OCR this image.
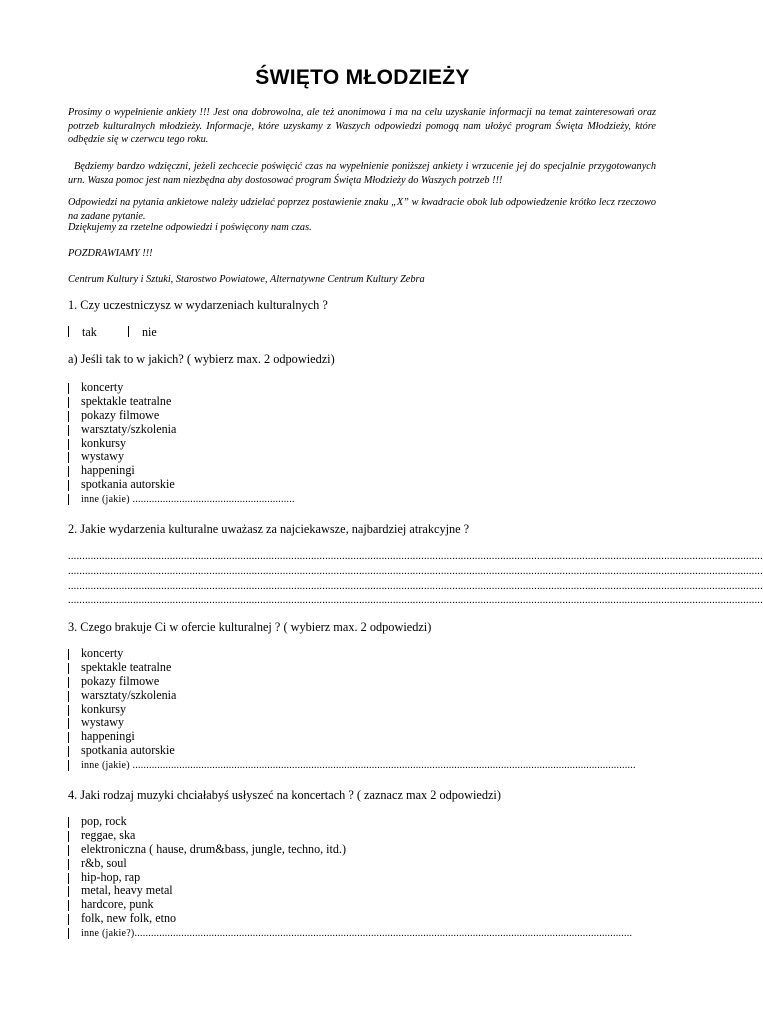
ŚWIĘTO MŁODZIEŻY

Prosimy o wypełnienie ankiety !!! Jest ona dobrowolna, ale też anonimowa i ma na celu uzyskanie informacji na temat zainteresowań oraz potrzeb kulturalnych młodzieży. Informacje, które uzyskamy z Waszych odpowiedzi pomogą nam ułożyć program Święta Młodzieży, które odbędzie się w czerwcu tego roku.

Będziemy bardzo wdzięczni, jeżeli zechcecie poświęcić czas na wypełnienie poniższej ankiety i wrzucenie jej do specjalnie przygotowanych urn. Wasza pomoc jest nam niezbędna aby dostosować program Święta Młodzieży do Waszych potrzeb !!!

Odpowiedzi na pytania ankietowe należy udzielać poprzez postawienie znaku „X” w kwadracie obok lub odpowiedzenie krótko lecz rzeczowo na zadane pytanie.

Dziękujemy za rzetelne odpowiedzi i poświęcony nam czas.

POZDRAWIAMY !!!

Centrum Kultury i Sztuki, Starostwo Powiatowe, Alternatywne Centrum Kultury Zebra

1. Czy uczestniczysz w wydarzeniach kulturalnych ?
tak	nie
a) Jeśli tak to w jakich? ( wybierz max. 2 odpowiedzi)
koncerty
spektakle teatralne
pokazy filmowe
warsztaty/szkolenia
konkursy
wystawy
happeningi
spotkania autorskie
inne (jakie) ...........................................................
2. Jakie wydarzenia kulturalne uważasz za najciekawsze, najbardziej atrakcyjne ?
......................................................................................................................................................................................................................................................
......................................................................................................................................................................................................................................................
......................................................................................................................................................................................................................................................
......................................................................................................................................................................................................................................................
3. Czego brakuje Ci w ofercie kulturalnej ? ( wybierz max. 2 odpowiedzi)
koncerty
spektakle teatralne
pokazy filmowe
warsztaty/szkolenia
konkursy
wystawy
happeningi
spotkania autorskie
inne (jakie) .......................................................................................................................................................................................
4. Jaki rodzaj muzyki chciałabyś usłyszeć na koncertach ? ( zaznacz max 2 odpowiedzi)
pop, rock
reggae, ska
elektroniczna ( hause, drum&bass, jungle, techno, itd.)
r&b, soul
hip-hop, rap
metal, heavy metal
hardcore, punk
folk, new folk, etno
inne (jakie?).....................................................................................................................................................................................
